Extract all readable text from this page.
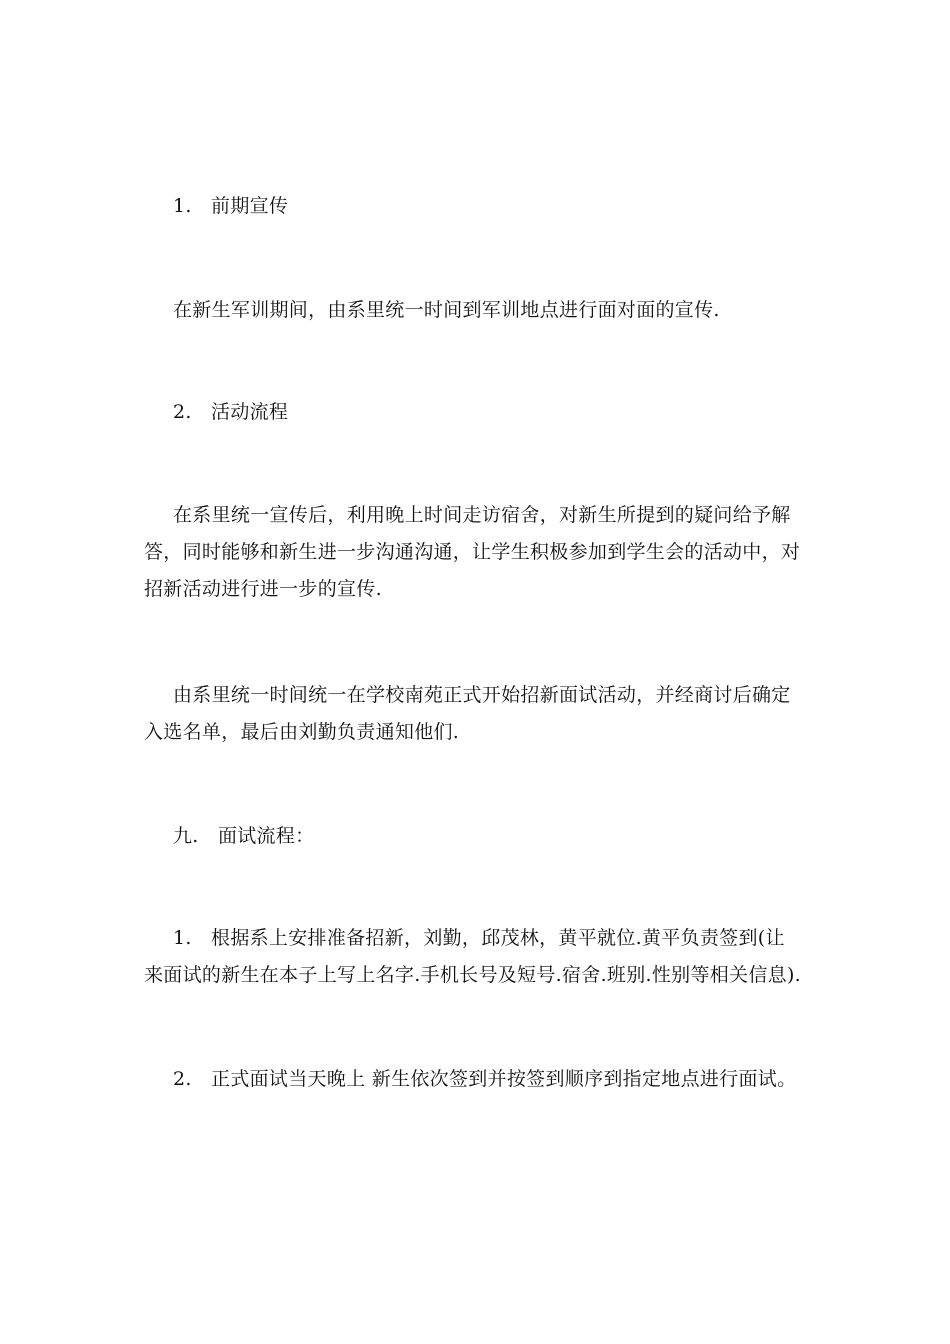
1.　前期宣传

在新生军训期间，由系里统一时间到军训地点进行面对面的宣传.

2.　活动流程

在系里统一宣传后，利用晚上时间走访宿舍，对新生所提到的疑问给予解答，同时能够和新生进一步沟通沟通，让学生积极参加到学生会的活动中，对招新活动进行进一步的宣传.

由系里统一时间统一在学校南苑正式开始招新面试活动，并经商讨后确定入选名单，最后由刘勤负责通知他们.

九.　面试流程：

1.　根据系上安排准备招新，刘勤，邱茂林，黄平就位.黄平负责签到(让来面试的新生在本子上写上名字.手机长号及短号.宿舍.班别.性别等相关信息).

2.　正式面试当天晚上 新生依次签到并按签到顺序到指定地点进行面试。
